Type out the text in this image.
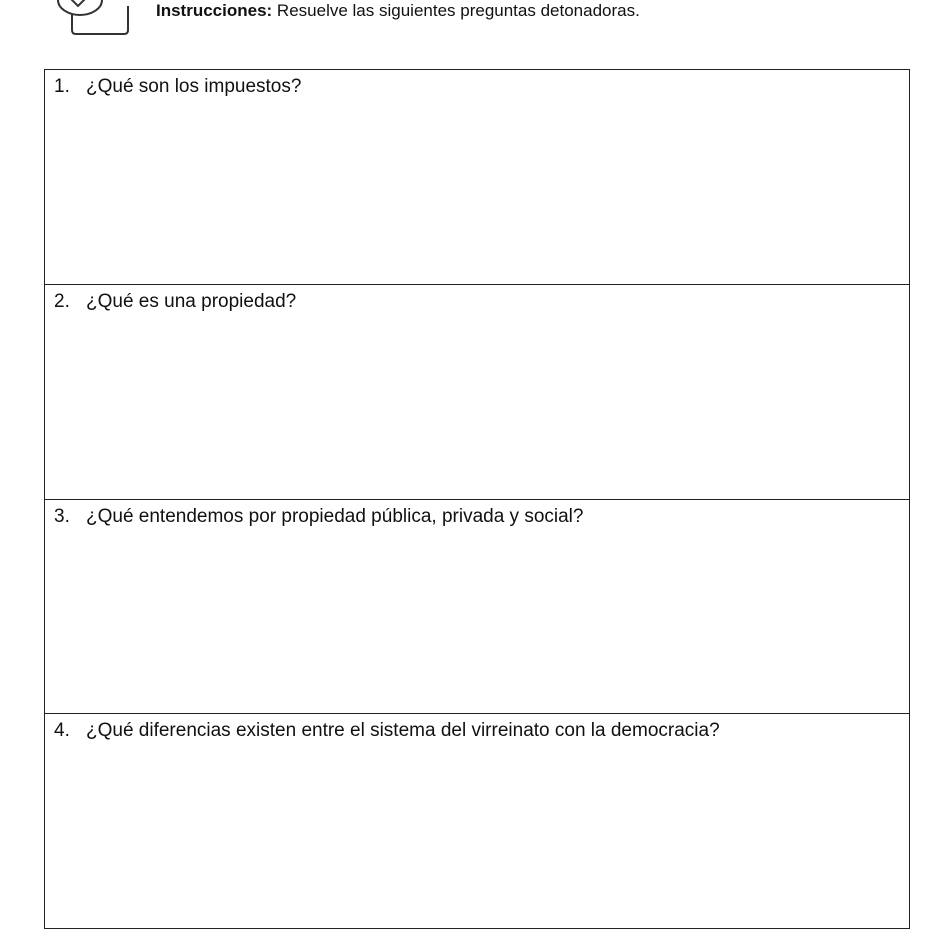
Instrucciones: Resuelve las siguientes preguntas detonadoras.
1. ¿Qué son los impuestos?
2. ¿Qué es una propiedad?
3. ¿Qué entendemos por propiedad pública, privada y social?
4. ¿Qué diferencias existen entre el sistema del virreinato con la democracia?
